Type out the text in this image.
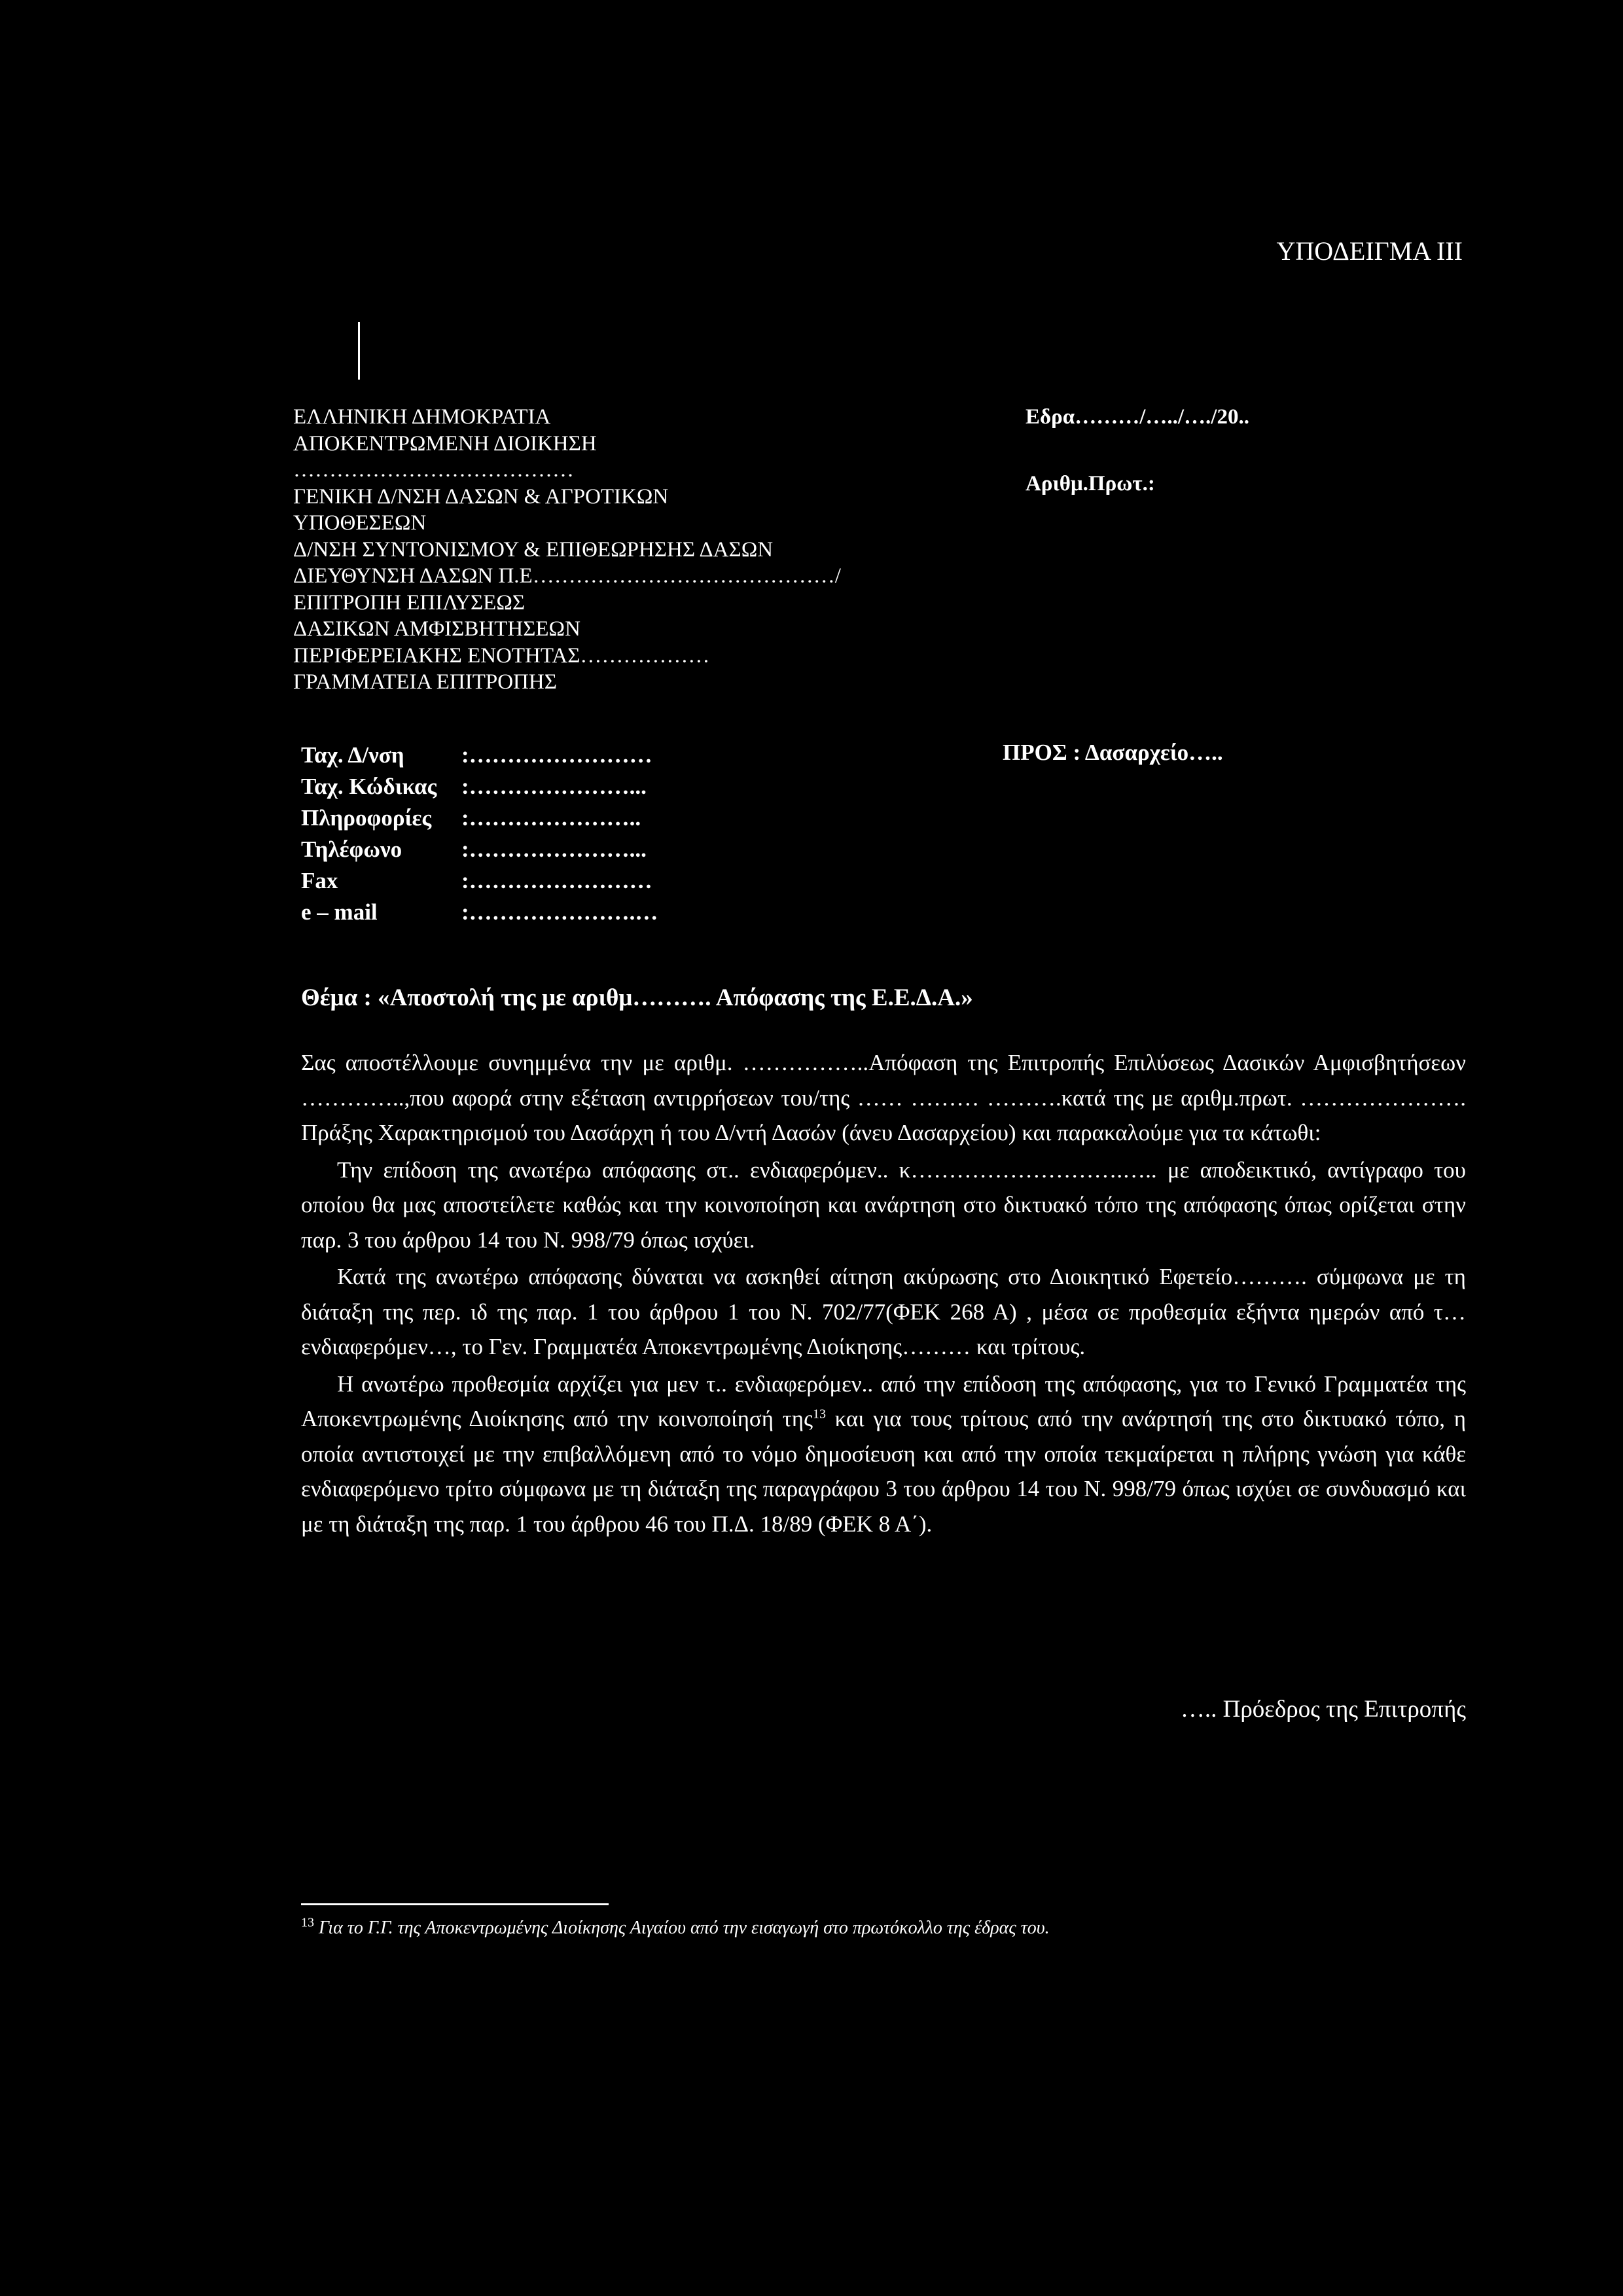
ΥΠΟΔΕΙΓΜΑ ΙΙΙ
ΕΛΛΗΝΙΚΗ ΔΗΜΟΚΡΑΤΙΑ
ΑΠΟΚΕΝΤΡΩΜΕΝΗ ΔΙΟΙΚΗΣΗ
…………………………………
ΓΕΝΙΚΗ Δ/ΝΣΗ ΔΑΣΩΝ & ΑΓΡΟΤΙΚΩΝ
ΥΠΟΘΕΣΕΩΝ
Δ/ΝΣΗ ΣΥΝΤΟΝΙΣΜΟΥ & ΕΠΙΘΕΩΡΗΣΗΣ ΔΑΣΩΝ
ΔΙΕΥΘΥΝΣΗ ΔΑΣΩΝ Π.Ε……………………………………/
ΕΠΙΤΡΟΠΗ ΕΠΙΛΥΣΕΩΣ
ΔΑΣΙΚΩΝ ΑΜΦΙΣΒΗΤΗΣΕΩΝ
ΠΕΡΙΦΕΡΕΙΑΚΗΣ ΕΝΟΤΗΤΑΣ………………
ΓΡΑΜΜΑΤΕΙΑ ΕΠΙΤΡΟΠΗΣ
Εδρα………/…../…./20..
Αριθμ.Πρωτ.:
Ταχ. Δ/νση	:……………………
Ταχ. Κώδικας	:…………………...
Πληροφορίες	:…………………..
Τηλέφωνο	:…………………...
Fax	:……………………
e – mail	:………………….…
ΠΡΟΣ : Δασαρχείο…..
Θέμα : «Αποστολή της με αριθμ………. Απόφασης της Ε.Ε.Δ.Α.»

Σας αποστέλλουμε συνημμένα την με αριθμ. ……………..Απόφαση της Επιτροπής Επιλύσεως Δασικών Αμφισβητήσεων …………..,που αφορά στην εξέταση αντιρρήσεων του/της …… ……… ……….κατά της με αριθμ.πρωτ. …………………. Πράξης Χαρακτηρισμού του Δασάρχη ή του Δ/ντή Δασών (άνευ Δασαρχείου) και παρακαλούμε για τα κάτωθι:

Την επίδοση της ανωτέρω απόφασης στ.. ενδιαφερόμεν.. κ……………………….….. με αποδεικτικό, αντίγραφο του οποίου θα μας αποστείλετε καθώς και την κοινοποίηση και ανάρτηση στο δικτυακό τόπο της απόφασης όπως ορίζεται στην παρ. 3 του άρθρου 14 του Ν. 998/79 όπως ισχύει.

Κατά της ανωτέρω απόφασης δύναται να ασκηθεί αίτηση ακύρωσης στο Διοικητικό Εφετείο………. σύμφωνα με τη διάταξη της περ. ιδ της παρ. 1 του άρθρου 1 του Ν. 702/77(ΦΕΚ 268 Α) , μέσα σε προθεσμία εξήντα ημερών από τ… ενδιαφερόμεν…, το Γεν. Γραμματέα Αποκεντρωμένης Διοίκησης……… και τρίτους.

Η ανωτέρω προθεσμία αρχίζει για μεν τ.. ενδιαφερόμεν.. από την επίδοση της απόφασης, για το Γενικό Γραμματέα της Αποκεντρωμένης Διοίκησης από την κοινοποίησή της$^{13}$ και για τους τρίτους από την ανάρτησή της στο δικτυακό τόπο, η οποία αντιστοιχεί με την επιβαλλόμενη από το νόμο δημοσίευση και από την οποία τεκμαίρεται η πλήρης γνώση για κάθε ενδιαφερόμενο τρίτο σύμφωνα με τη διάταξη της παραγράφου 3 του άρθρου 14 του Ν. 998/79 όπως ισχύει σε συνδυασμό και με τη διάταξη της παρ. 1 του άρθρου 46 του Π.Δ. 18/89 (ΦΕΚ 8 Α΄).

….. Πρόεδρος της Επιτροπής
$^{13}$ Για το Γ.Γ. της Αποκεντρωμένης Διοίκησης Αιγαίου από την εισαγωγή στο πρωτόκολλο της έδρας του.
